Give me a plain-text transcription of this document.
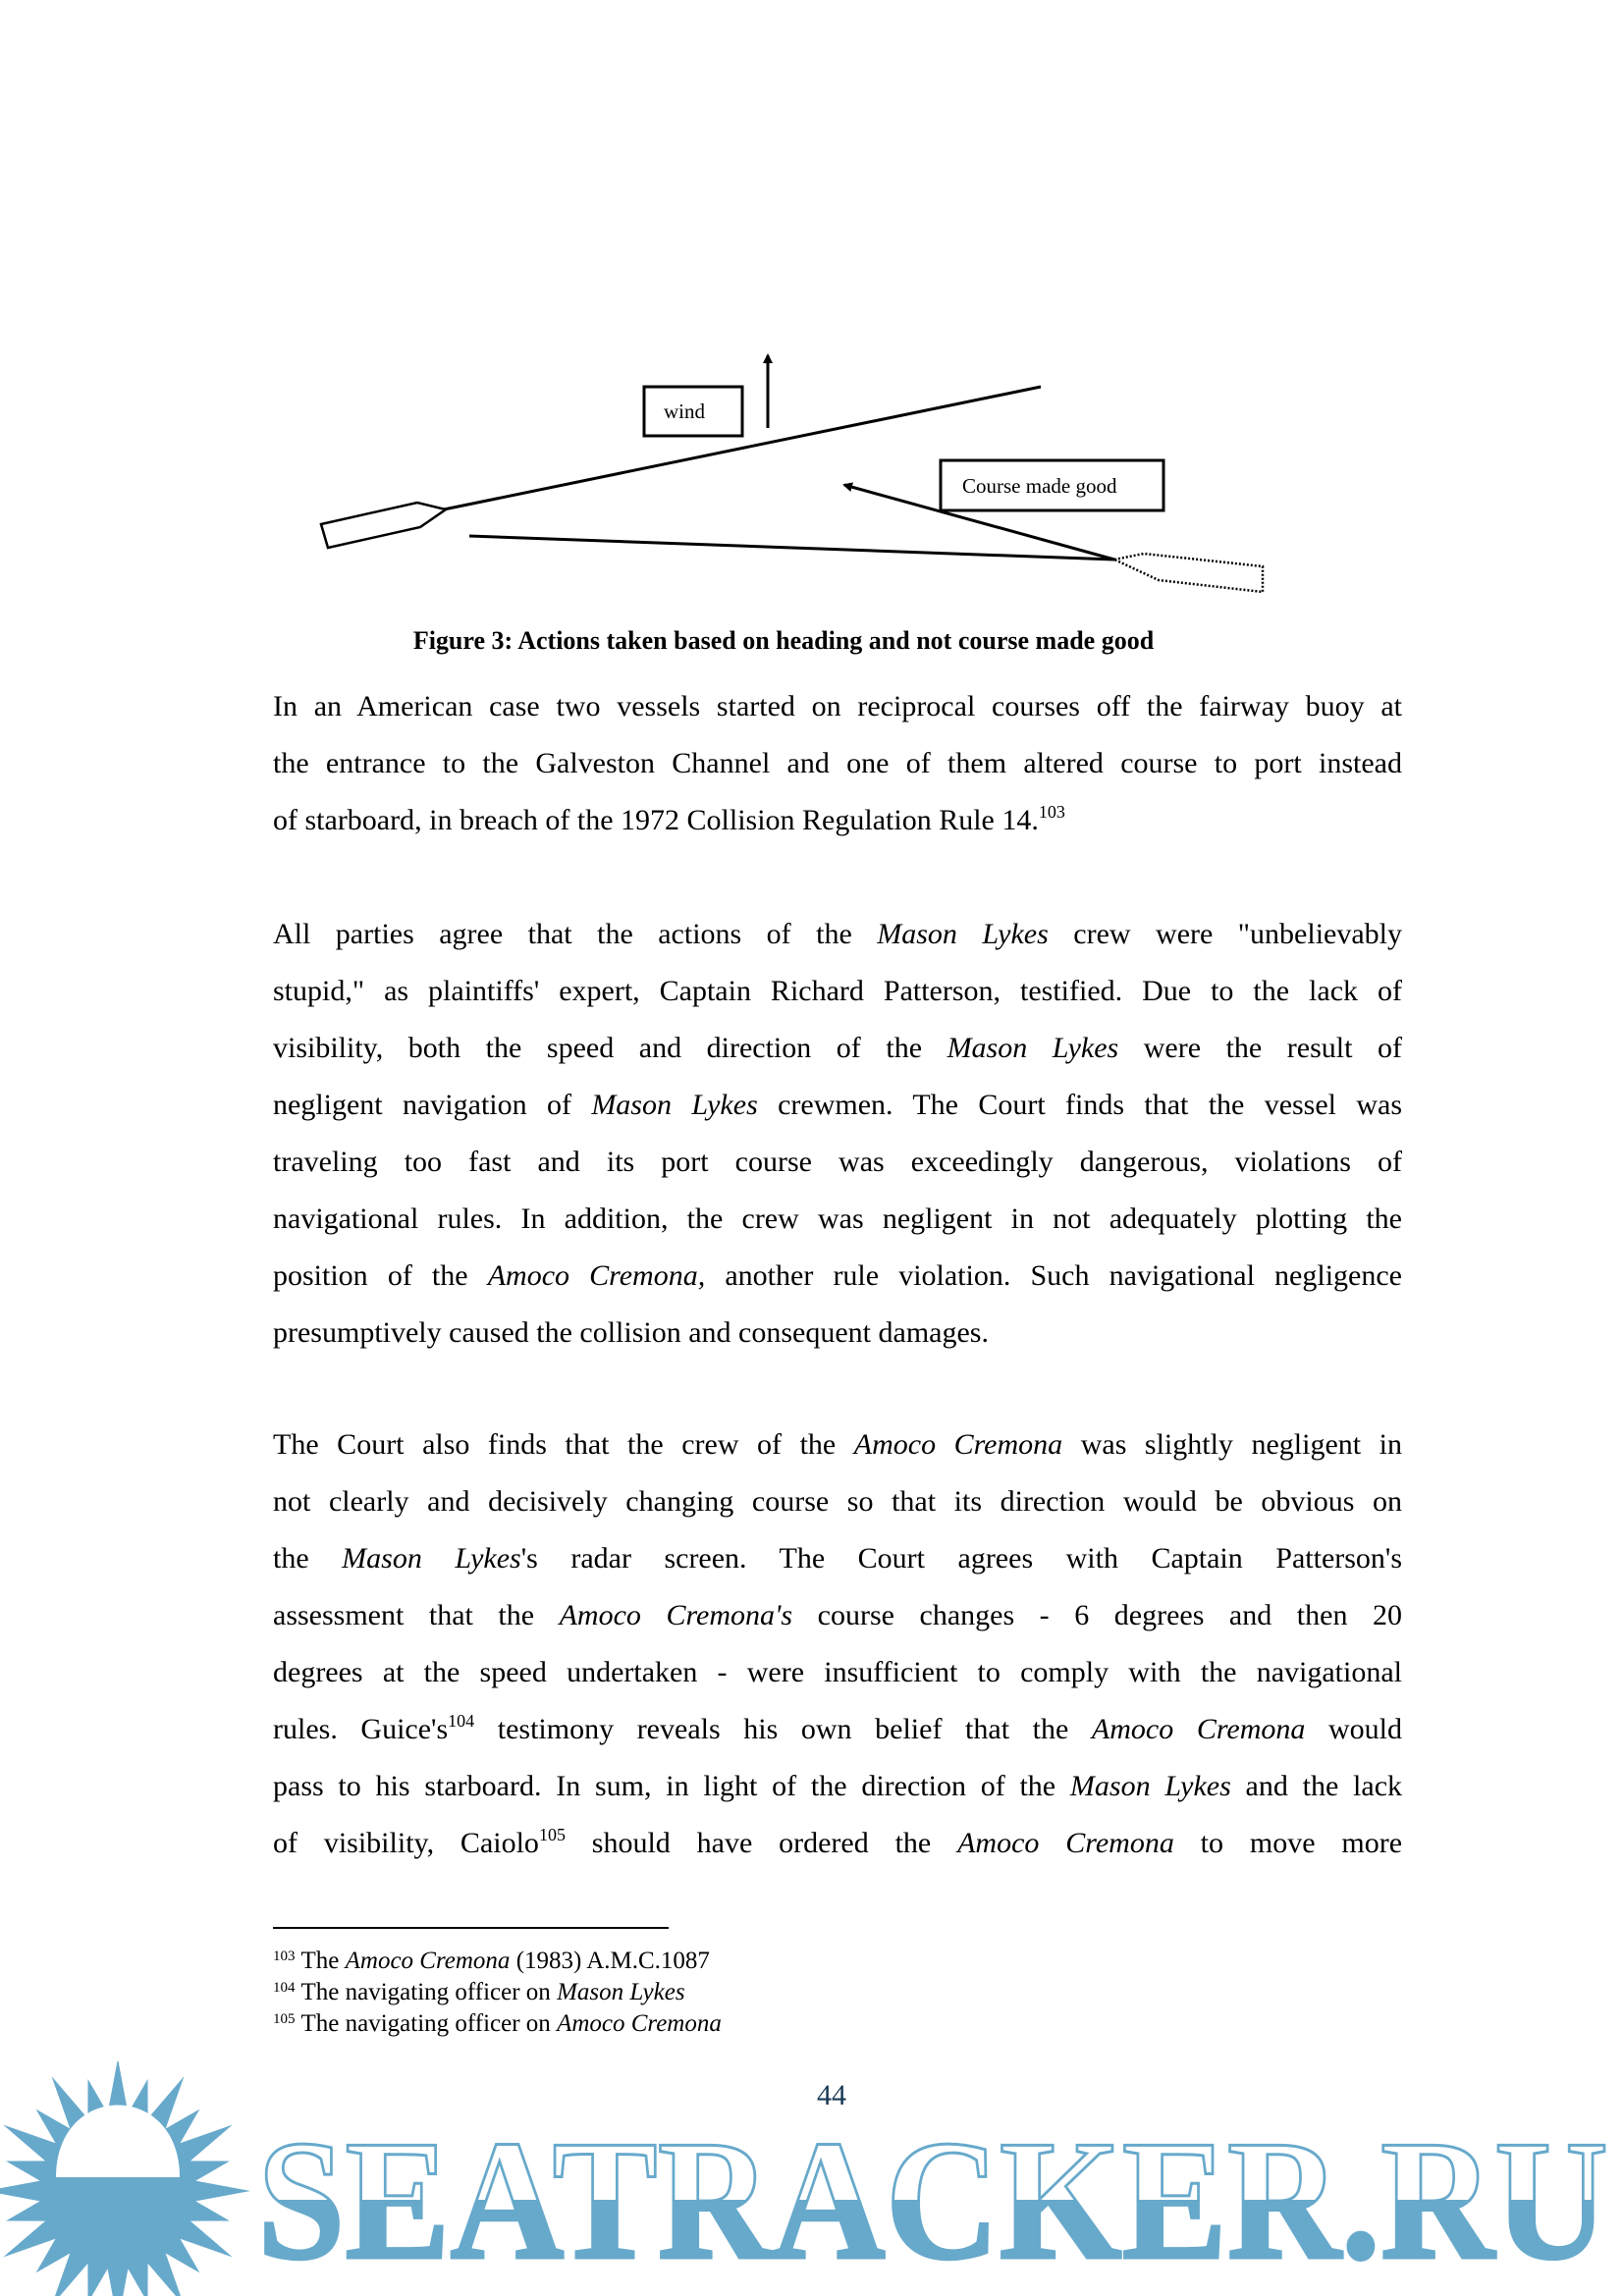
wind
Course made good
Figure 3: Actions taken based on heading and not course made good
In an American case two vessels started on reciprocal courses off the fairway buoy at
the entrance to the Galveston Channel and one of them altered course to port instead
of starboard, in breach of the 1972 Collision Regulation Rule 14.$^{103}$
All parties agree that the actions of the Mason Lykes crew were "unbelievably
stupid," as plaintiffs' expert, Captain Richard Patterson, testified. Due to the lack of
visibility, both the speed and direction of the Mason Lykes were the result of
negligent navigation of Mason Lykes crewmen. The Court finds that the vessel was
traveling too fast and its port course was exceedingly dangerous, violations of
navigational rules. In addition, the crew was negligent in not adequately plotting the
position of the Amoco Cremona, another rule violation. Such navigational negligence
presumptively caused the collision and consequent damages.
The Court also finds that the crew of the Amoco Cremona was slightly negligent in
not clearly and decisively changing course so that its direction would be obvious on
the Mason Lykes's radar screen. The Court agrees with Captain Patterson's
assessment that the Amoco Cremona's course changes - 6 degrees and then 20
degrees at the speed undertaken - were insufficient to comply with the navigational
rules. $Guice's^{104}$ testimony reveals his own belief that the Amoco Cremona would
pass to his starboard. In sum, in light of the direction of the Mason Lykes and the lack
of visibility, Caiolo$^{105}$ should have ordered the Amoco Cremona to move more
$^{103}$ The Amoco Cremona (1983) A.M.C.1087
$^{104}$ The navigating officer on Mason Lykes
$^{105}$ The navigating officer on Amoco Cremona
SEATRACKER.RU
44
